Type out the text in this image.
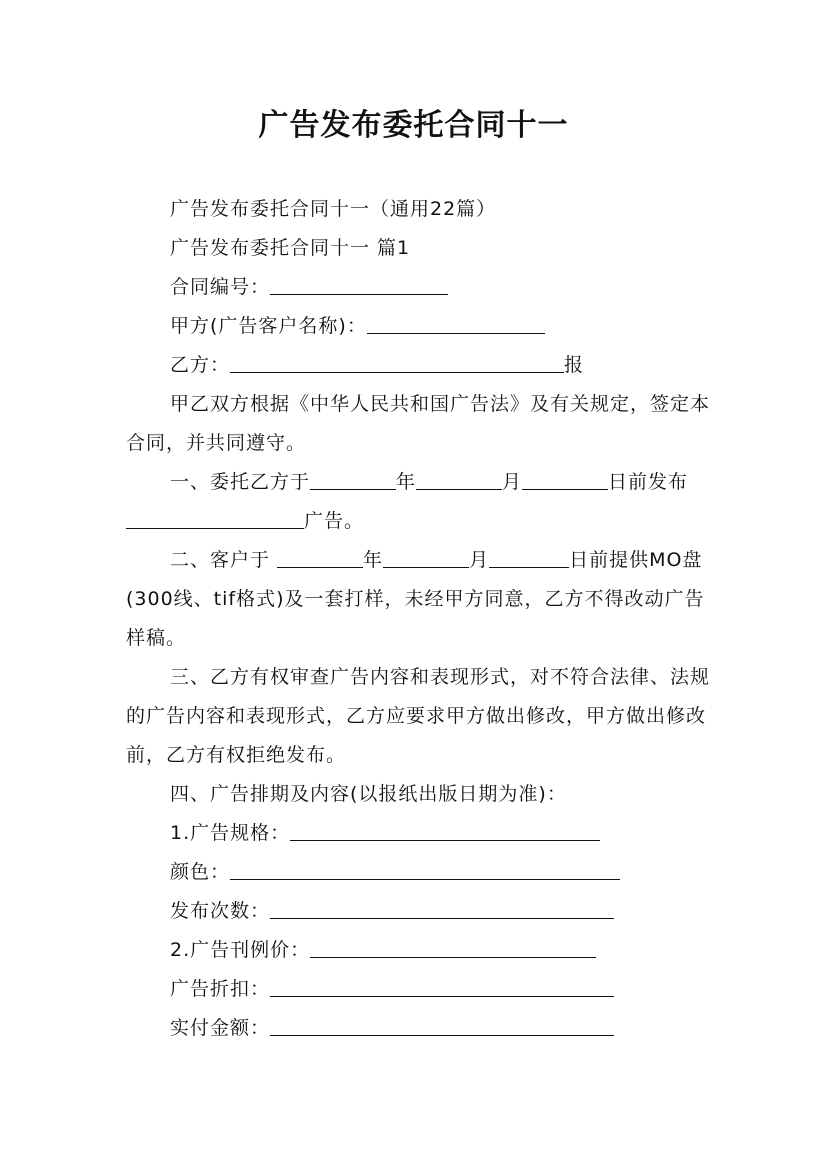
广告发布委托合同十一

广告发布委托合同十一（通用22篇）

广告发布委托合同十一 篇1

合同编号：

甲方(广告客户名称)：

乙方：	报

甲乙双方根据《中华人民共和国广告法》及有关规定，签定本合同，并共同遵守。

一、委托乙方于	年	月	日前发布广告。

二、客户于	年	月	日前提供MO盘(300线、tif格式)及一套打样，未经甲方同意，乙方不得改动广告样稿。

三、乙方有权审查广告内容和表现形式，对不符合法律、法规的广告内容和表现形式，乙方应要求甲方做出修改，甲方做出修改前，乙方有权拒绝发布。

四、广告排期及内容(以报纸出版日期为准)：

1.广告规格：

颜色：

发布次数：

2.广告刊例价：

广告折扣：

实付金额：
